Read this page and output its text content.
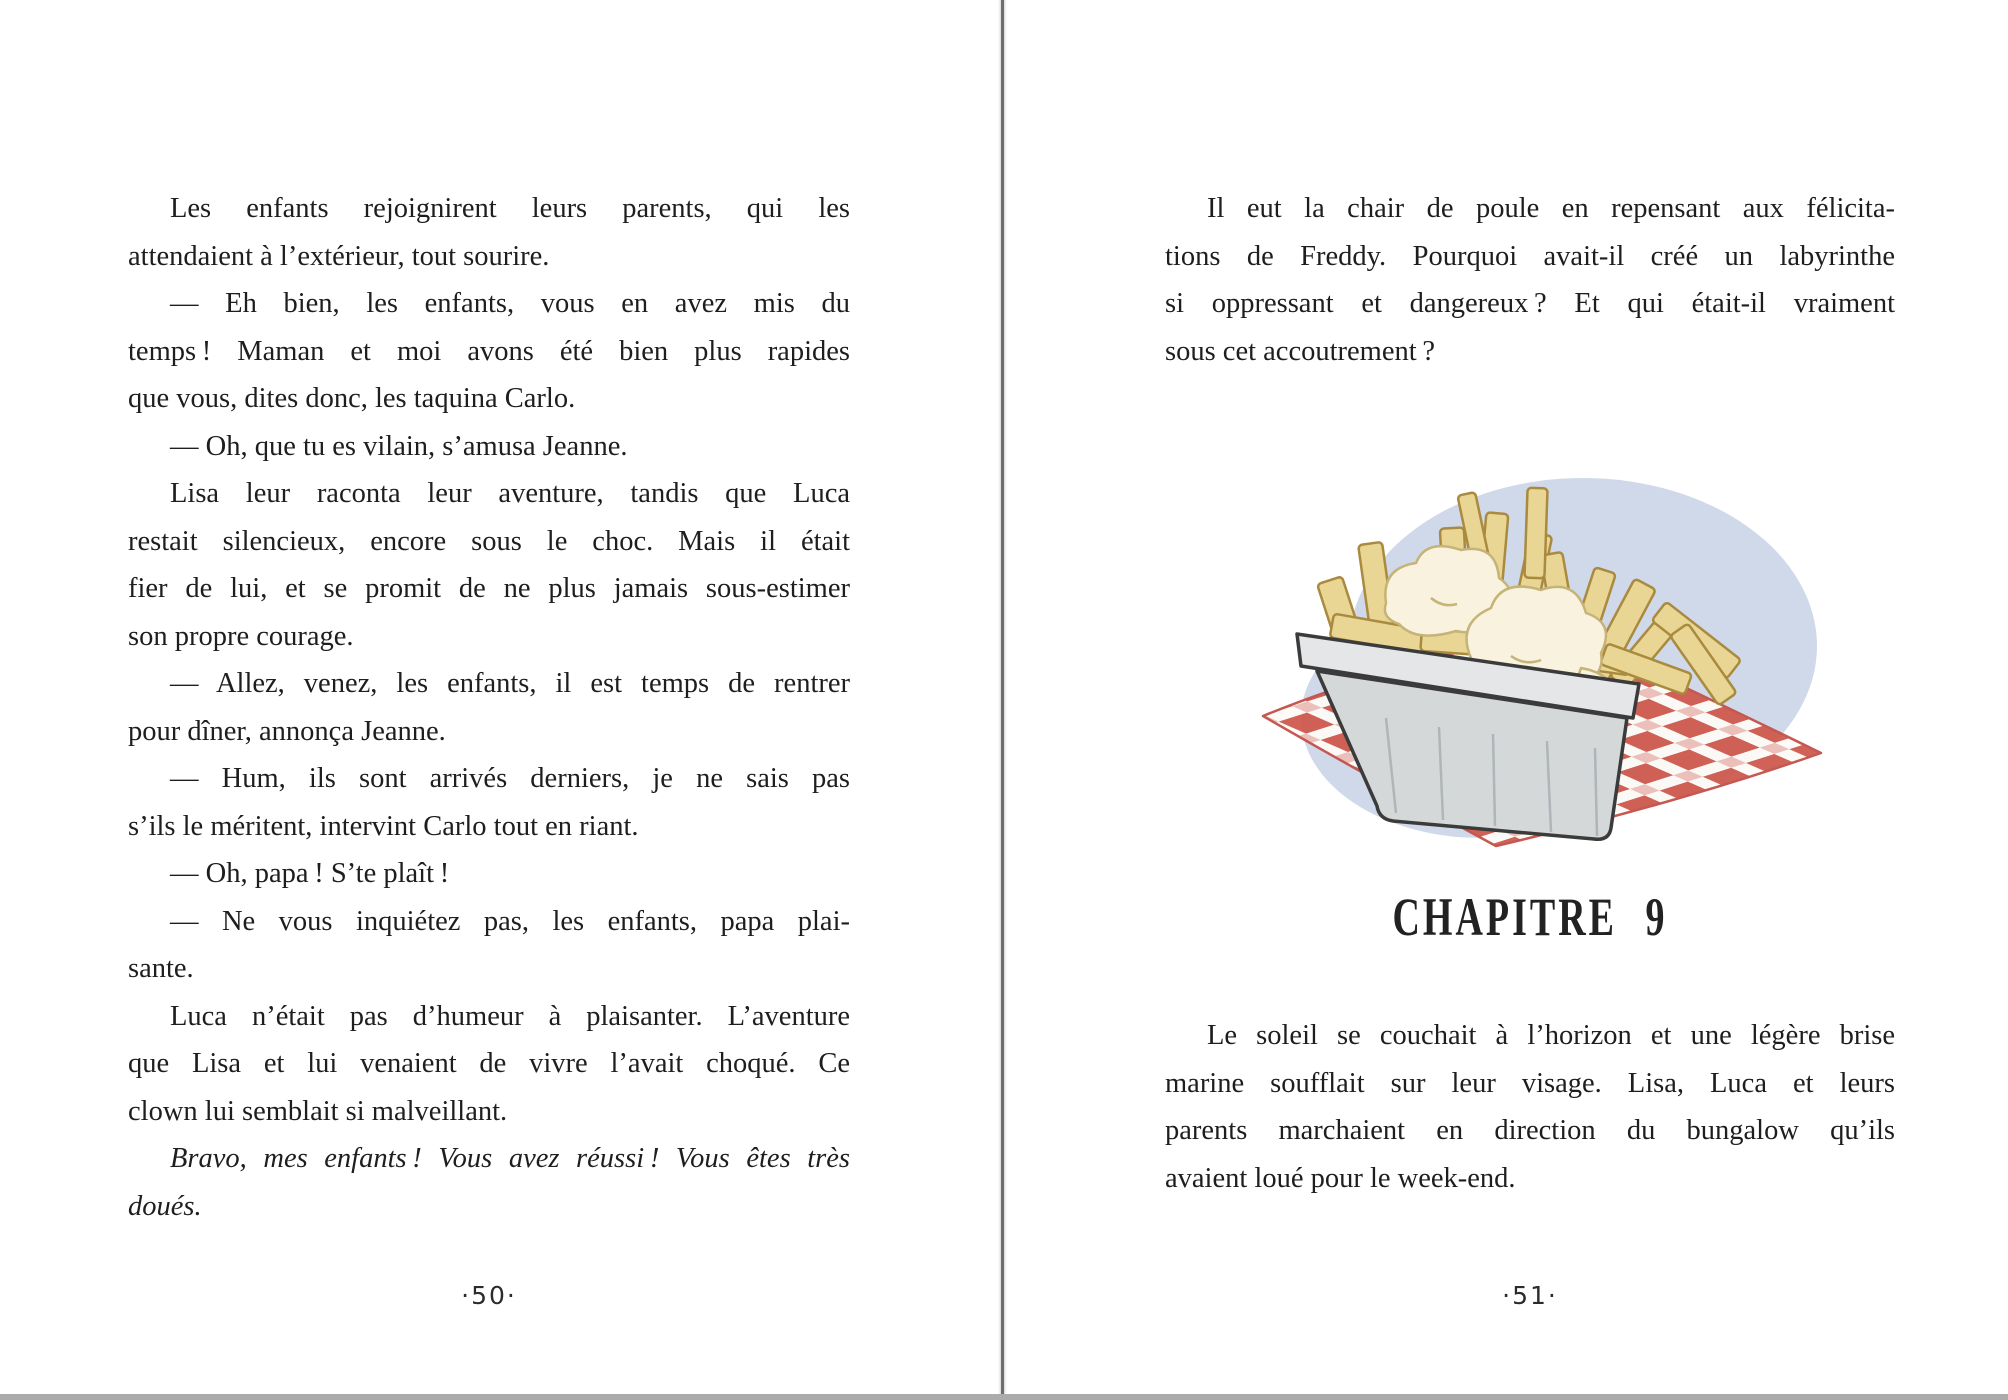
Les enfants rejoignirent leurs parents, qui les
attendaient à l’extérieur, tout sourire.
— Eh bien, les enfants, vous en avez mis du
temps ! Maman et moi avons été bien plus rapides
que vous, dites donc, les taquina Carlo.
— Oh, que tu es vilain, s’amusa Jeanne.
Lisa leur raconta leur aventure, tandis que Luca
restait silencieux, encore sous le choc. Mais il était
fier de lui, et se promit de ne plus jamais sous-estimer
son propre courage.
— Allez, venez, les enfants, il est temps de rentrer
pour dîner, annonça Jeanne.
— Hum, ils sont arrivés derniers, je ne sais pas
s’ils le méritent, intervint Carlo tout en riant.
— Oh, papa ! S’te plaît !
— Ne vous inquiétez pas, les enfants, papa plai-
sante.
Luca n’était pas d’humeur à plaisanter. L’aventure
que Lisa et lui venaient de vivre l’avait choqué. Ce
clown lui semblait si malveillant.
Bravo, mes enfants ! Vous avez réussi ! Vous êtes très
doués.
·50·
Il eut la chair de poule en repensant aux félicita-
tions de Freddy. Pourquoi avait-il créé un labyrinthe
si oppressant et dangereux ? Et qui était-il vraiment
sous cet accoutrement ?
CHAPITRE 9
Le soleil se couchait à l’horizon et une légère brise
marine soufflait sur leur visage. Lisa, Luca et leurs
parents marchaient en direction du bungalow qu’ils
avaient loué pour le week-end.
·51·
